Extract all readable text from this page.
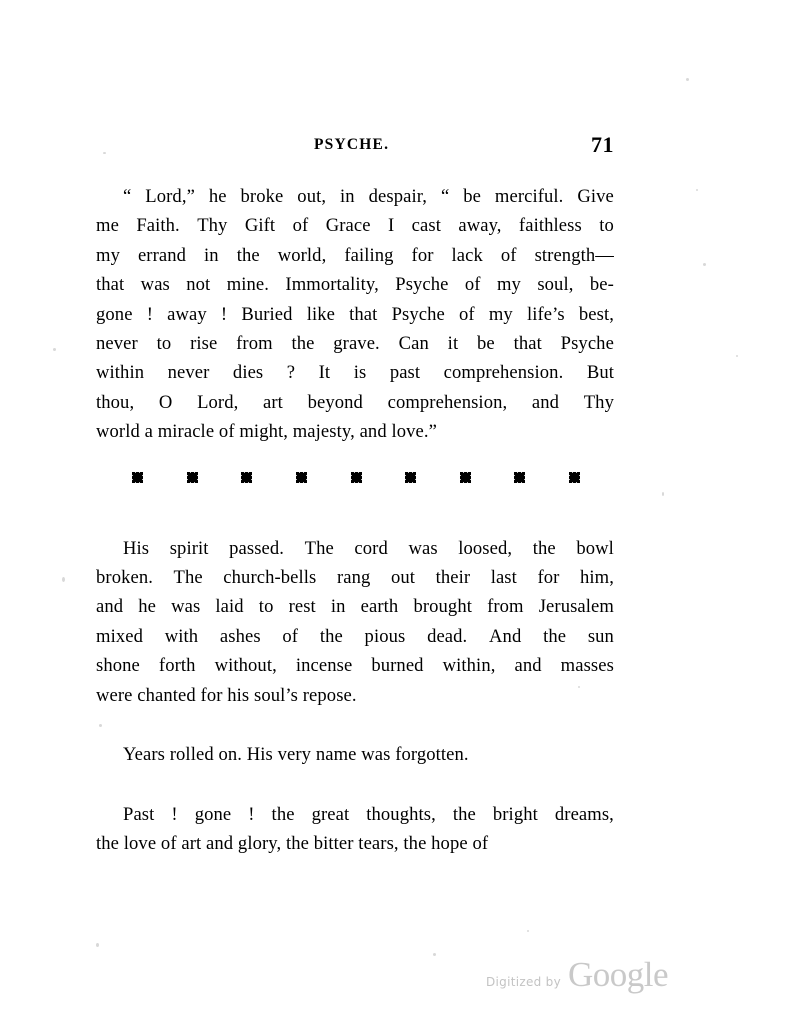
PSYCHE.	71

“ Lord,” he broke out, in despair, “ be merciful. Give
me Faith. Thy Gift of Grace I cast away, faithless to
my errand in the world, failing for lack of strength—
that was not mine. Immortality, Psyche of my soul, be-
gone ! away ! Buried like that Psyche of my life’s best,
never to rise from the grave. Can it be that Psyche
within never dies ? It is past comprehension. But
thou, O Lord, art beyond comprehension, and Thy
world a miracle of might, majesty, and love.”

His spirit passed. The cord was loosed, the bowl
broken. The church-bells rang out their last for him,
and he was laid to rest in earth brought from Jerusalem
mixed with ashes of the pious dead. And the sun
shone forth without, incense burned within, and masses
were chanted for his soul’s repose.

Years rolled on. His very name was forgotten.

Past ! gone ! the great thoughts, the bright dreams,
the love of art and glory, the bitter tears, the hope of

Digitized by Google
